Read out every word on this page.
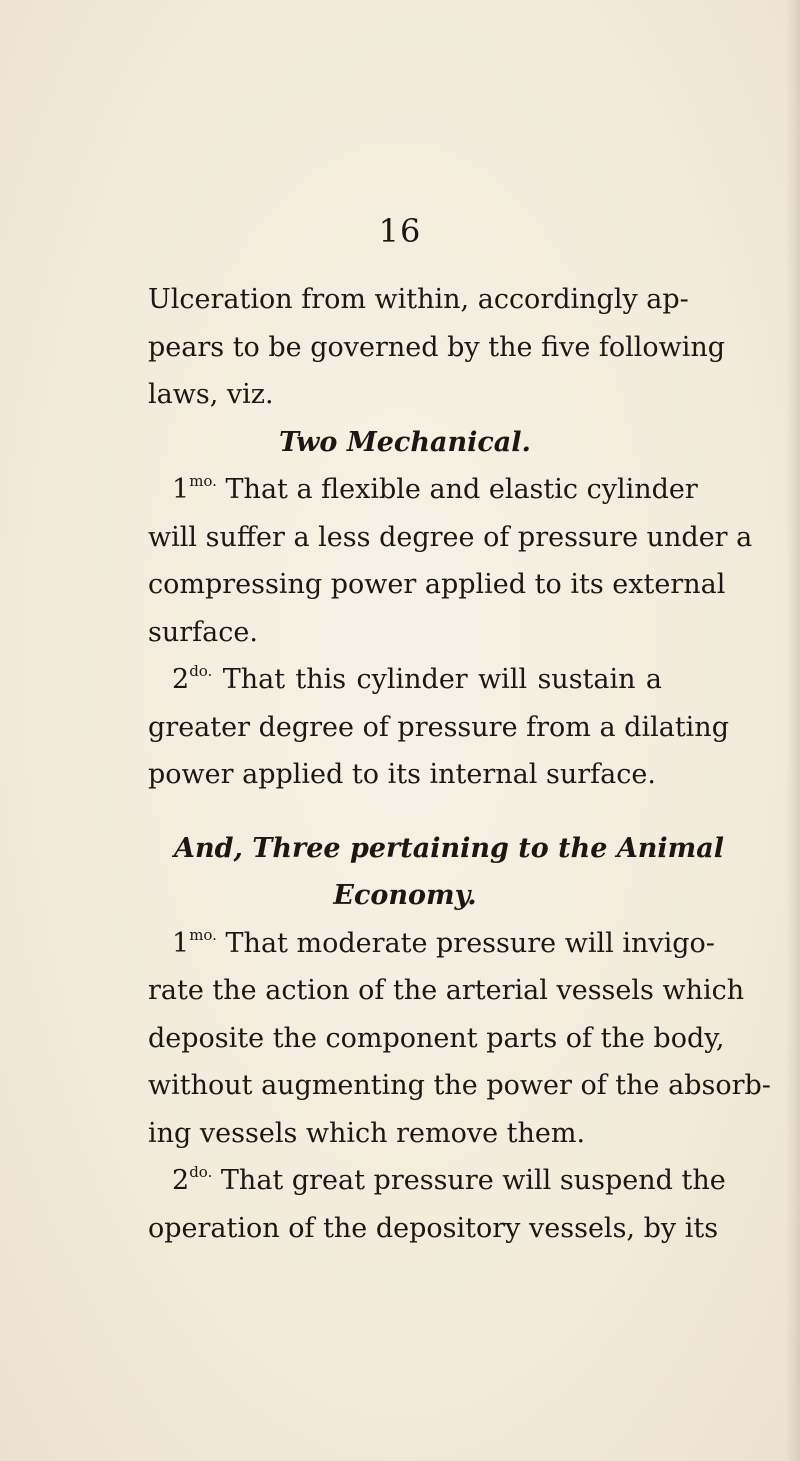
16
Ulceration from within, accordingly ap-
pears to be governed by the five following
laws, viz.
Two Mechanical.
$1^{mo.}$ That a flexible and elastic cylinder
will suffer a less degree of pressure under a
compressing power applied to its external
surface.
$2^{do.}$ That this cylinder will sustain a
greater degree of pressure from a dilating
power applied to its internal surface.
And, Three pertaining to the Animal
Economy.
$1^{mo.}$ That moderate pressure will invigo-
rate the action of the arterial vessels which
deposite the component parts of the body,
without augmenting the power of the absorb-
ing vessels which remove them.
$2^{do.}$ That great pressure will suspend the
operation of the depository vessels, by its
